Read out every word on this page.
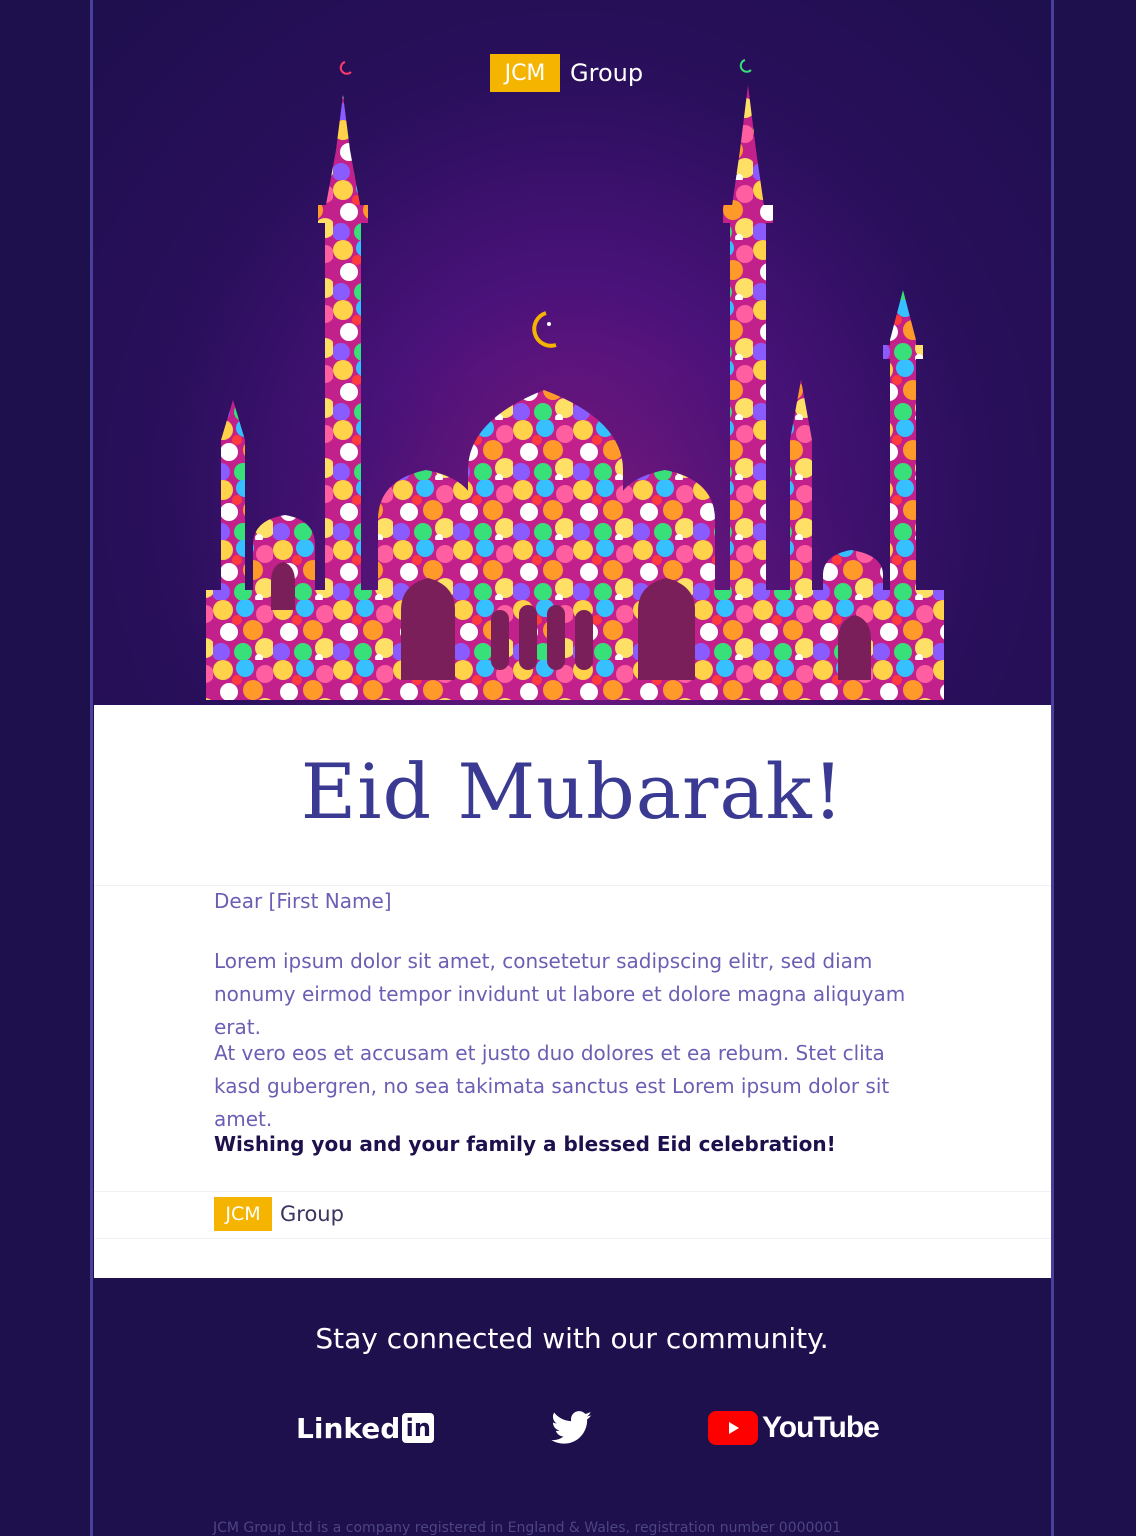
JCM	Group
Eid Mubarak!
Dear [First Name]
Lorem ipsum dolor sit amet, consetetur sadipscing elitr, sed diam nonumy eirmod tempor invidunt ut labore et dolore magna aliquyam erat.
At vero eos et accusam et justo duo dolores et ea rebum. Stet clita kasd gubergren, no sea takimata sanctus est Lorem ipsum dolor sit amet.
Wishing you and your family a blessed Eid celebration!
JCM Group
Stay connected with our community.
Linked in	YouTube
JCM Group Ltd is a company registered in England & Wales, registration number 0000001
